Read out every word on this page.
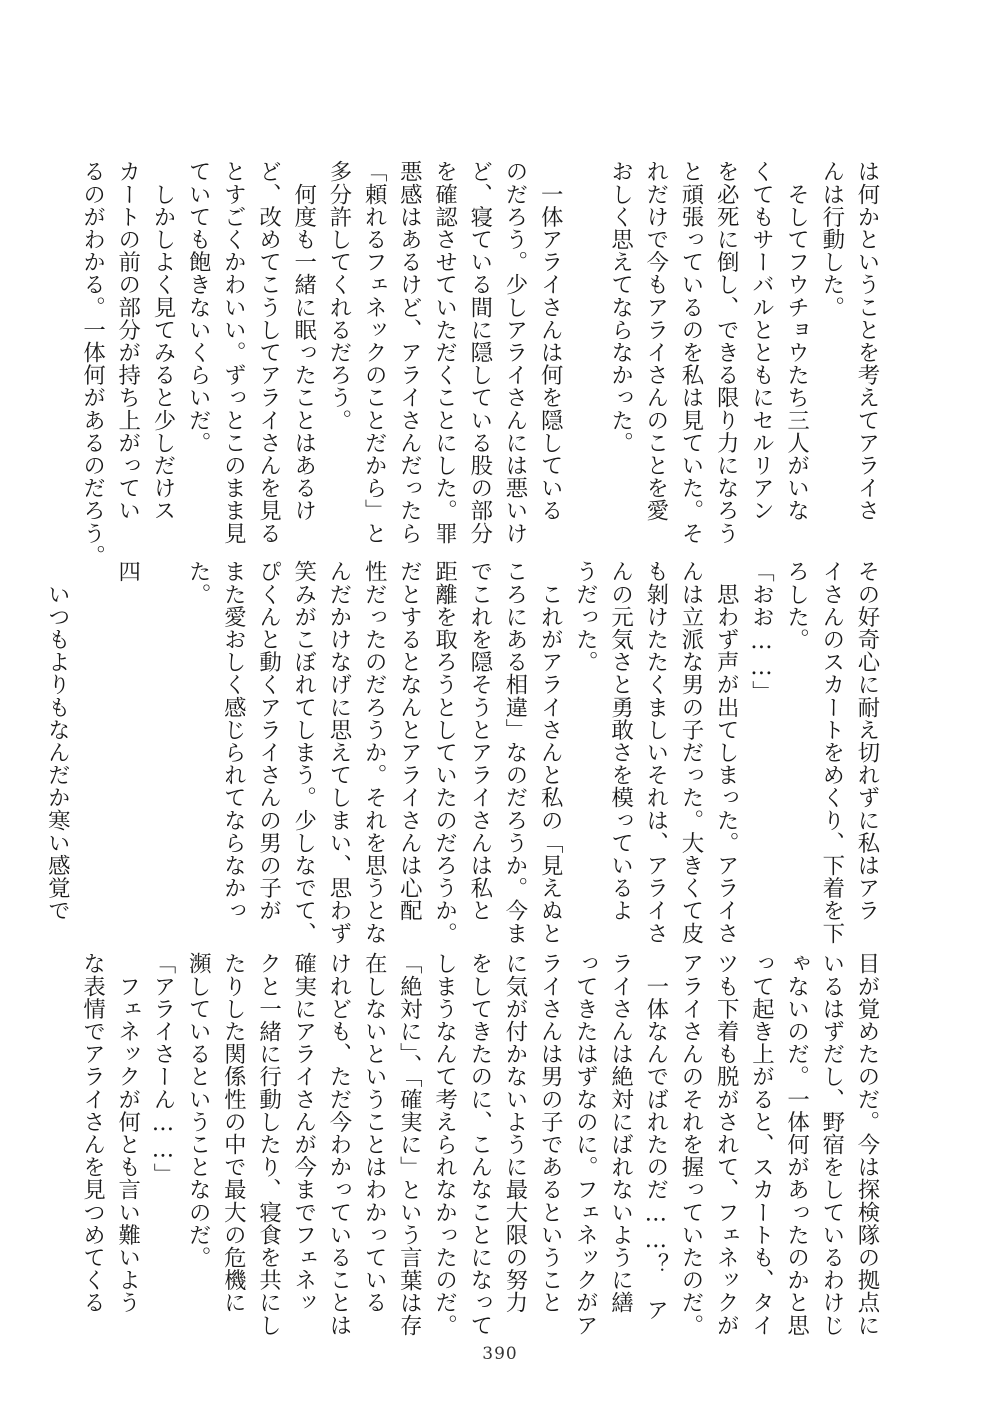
は何かということを考えてアライさ

んは行動した。

　そしてフウチョウたち三人がいな

くてもサーバルとともにセルリアン

を必死に倒し、できる限り力になろう

と頑張っているのを私は見ていた。そ

れだけで今もアライさんのことを愛

おしく思えてならなかった。

　一体アライさんは何を隠している

のだろう。少しアライさんには悪いけ

ど、寝ている間に隠している股の部分

を確認させていただくことにした。罪

悪感はあるけど、アライさんだったら

「頼れるフェネックのことだから」と

多分許してくれるだろう。

　何度も一緒に眠ったことはあるけ

ど、改めてこうしてアライさんを見る

とすごくかわいい。ずっとこのまま見

ていても飽きないくらいだ。

　しかしよく見てみると少しだけス

カートの前の部分が持ち上がってい

るのがわかる。一体何があるのだろう。

その好奇心に耐え切れずに私はアラ

イさんのスカートをめくり、下着を下

ろした。

「おお……」

　思わず声が出てしまった。アライさ

んは立派な男の子だった。大きくて皮

も剝けたたくましいそれは、アライさ

んの元気さと勇敢さを模っているよ

うだった。

　これがアライさんと私の「見えぬと

ころにある相違」なのだろうか。今ま

でこれを隠そうとアライさんは私と

距離を取ろうとしていたのだろうか。

だとするとなんとアライさんは心配

性だったのだろうか。それを思うとな

んだかけなげに思えてしまい、思わず

笑みがこぼれてしまう。少しなでて、

ぴくんと動くアライさんの男の子が

また愛おしく感じられてならなかっ

た。

四

　いつもよりもなんだか寒い感覚で

目が覚めたのだ。今は探検隊の拠点に

いるはずだし、野宿をしているわけじ

ゃないのだ。一体何があったのかと思

って起き上がると、スカートも、タイ

ツも下着も脱がされて、フェネックが

アライさんのそれを握っていたのだ。

　一体なんでばれたのだ……？　ア

ライさんは絶対にばれないように繕

ってきたはずなのに。フェネックがア

ライさんは男の子であるということ

に気が付かないように最大限の努力

をしてきたのに、こんなことになって

しまうなんて考えられなかったのだ。

「絶対に」、「確実に」という言葉は存

在しないということはわかっている

けれども、ただ今わかっていることは

確実にアライさんが今までフェネッ

クと一緒に行動したり、寝食を共にし

たりした関係性の中で最大の危機に

瀕しているということなのだ。

「アライさーん……」

　フェネックが何とも言い難いよう

な表情でアライさんを見つめてくる

390
